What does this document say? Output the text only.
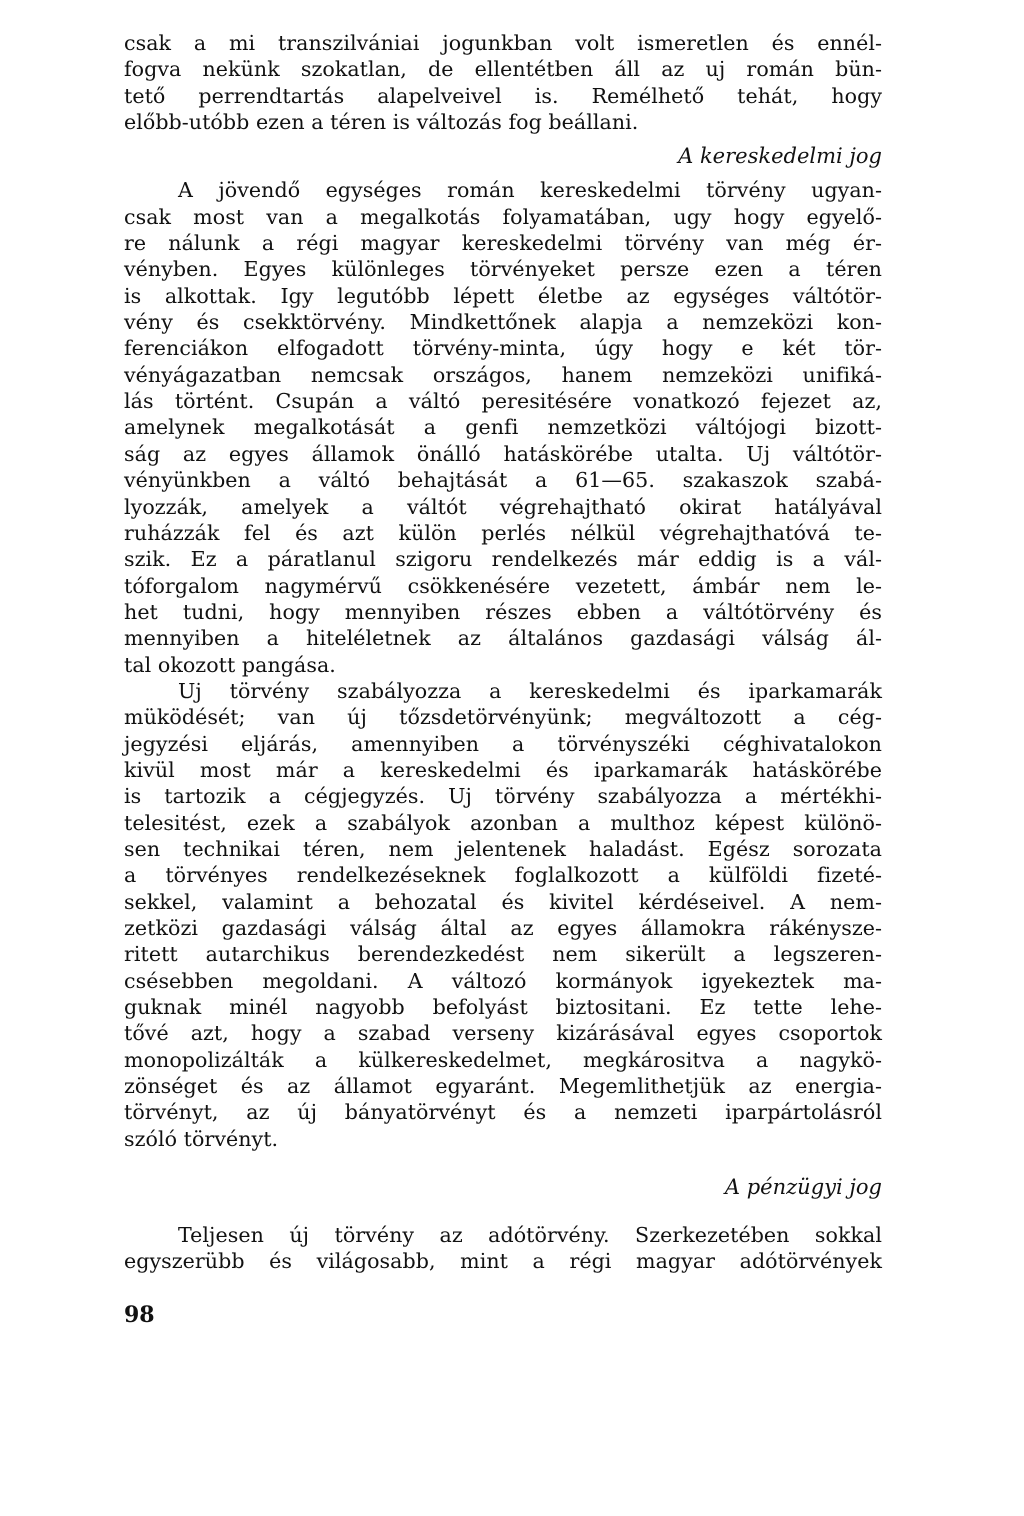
csak a mi transzilvániai jogunkban volt ismeretlen és ennél-
fogva nekünk szokatlan, de ellentétben áll az uj román bün-
tető perrendtartás alapelveivel is. Remélhető tehát, hogy
előbb-utóbb ezen a téren is változás fog beállani.
A kereskedelmi jog
A jövendő egységes román kereskedelmi törvény ugyan-
csak most van a megalkotás folyamatában, ugy hogy egyelő-
re nálunk a régi magyar kereskedelmi törvény van még ér-
vényben. Egyes különleges törvényeket persze ezen a téren
is alkottak. Igy legutóbb lépett életbe az egységes váltótör-
vény és csekktörvény. Mindkettőnek alapja a nemzeközi kon-
ferenciákon elfogadott törvény-minta, úgy hogy e két tör-
vényágazatban nemcsak országos, hanem nemzeközi unifiká-
lás történt. Csupán a váltó peresitésére vonatkozó fejezet az,
amelynek megalkotását a genfi nemzetközi váltójogi bizott-
ság az egyes államok önálló hatáskörébe utalta. Uj váltótör-
vényünkben a váltó behajtását a 61—65. szakaszok szabá-
lyozzák, amelyek a váltót végrehajtható okirat hatályával
ruházzák fel és azt külön perlés nélkül végrehajthatóvá te-
szik. Ez a páratlanul szigoru rendelkezés már eddig is a vál-
tóforgalom nagymérvű csökkenésére vezetett, ámbár nem le-
het tudni, hogy mennyiben részes ebben a váltótörvény és
mennyiben a hiteléletnek az általános gazdasági válság ál-
tal okozott pangása.
Uj törvény szabályozza a kereskedelmi és iparkamarák
müködését; van új tőzsdetörvényünk; megváltozott a cég-
jegyzési eljárás, amennyiben a törvényszéki céghivatalokon
kivül most már a kereskedelmi és iparkamarák hatáskörébe
is tartozik a cégjegyzés. Uj törvény szabályozza a mértékhi-
telesitést, ezek a szabályok azonban a multhoz képest különö-
sen technikai téren, nem jelentenek haladást. Egész sorozata
a törvényes rendelkezéseknek foglalkozott a külföldi fizeté-
sekkel, valamint a behozatal és kivitel kérdéseivel. A nem-
zetközi gazdasági válság által az egyes államokra rákénysze-
ritett autarchikus berendezkedést nem sikerült a legszeren-
csésebben megoldani. A változó kormányok igyekeztek ma-
guknak minél nagyobb befolyást biztositani. Ez tette lehe-
tővé azt, hogy a szabad verseny kizárásával egyes csoportok
monopolizálták a külkereskedelmet, megkárositva a nagykö-
zönséget és az államot egyaránt. Megemlithetjük az energia-
törvényt, az új bányatörvényt és a nemzeti iparpártolásról
szóló törvényt.
A pénzügyi jog
Teljesen új törvény az adótörvény. Szerkezetében sokkal
egyszerübb és világosabb, mint a régi magyar adótörvények
98
